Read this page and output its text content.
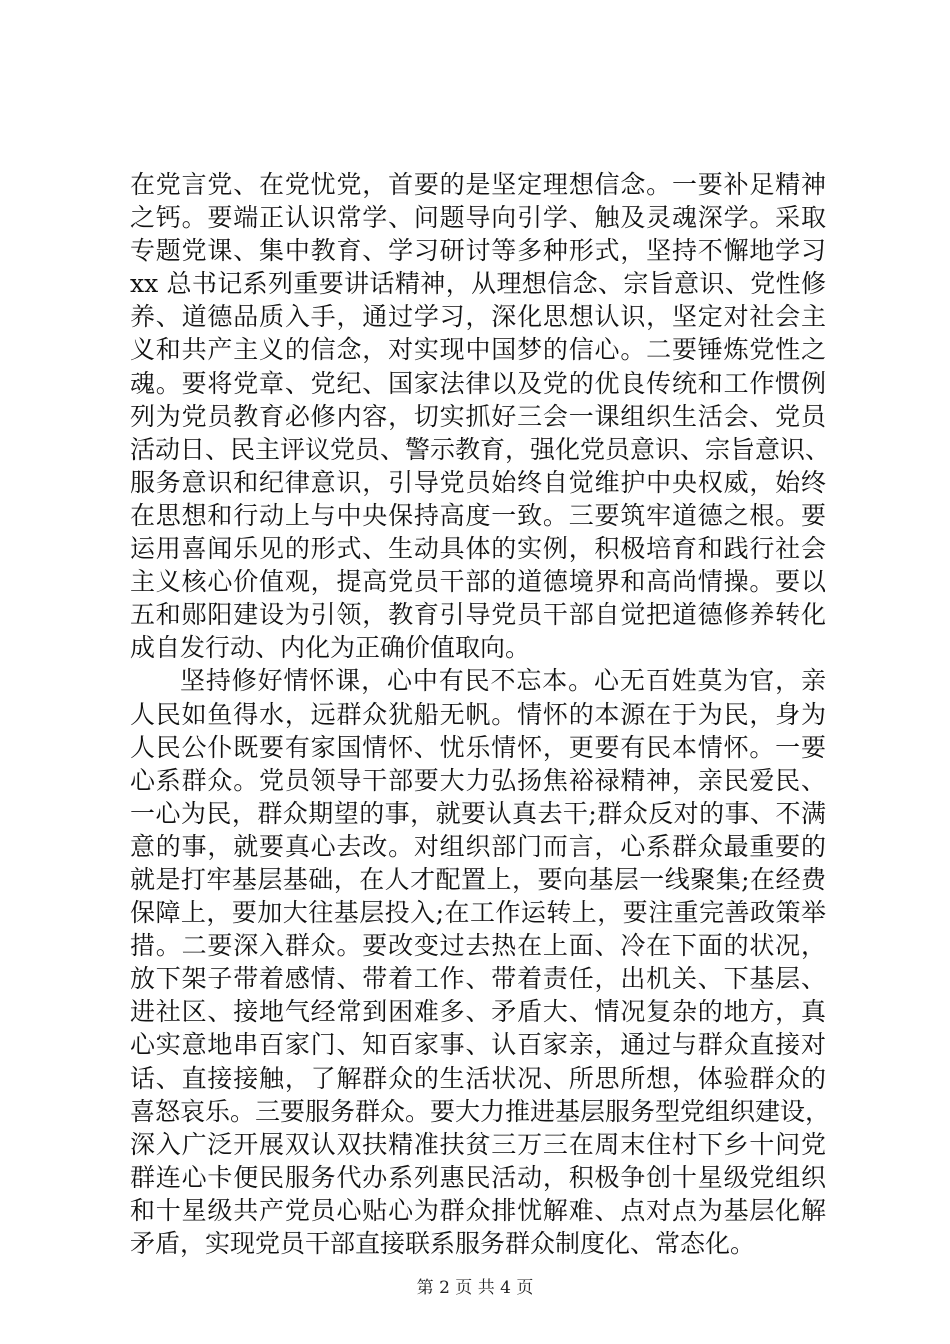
在党言党、在党忧党，首要的是坚定理想信念。一要补足精神
之钙。要端正认识常学、问题导向引学、触及灵魂深学。采取
专题党课、集中教育、学习研讨等多种形式，坚持不懈地学习
xx 总书记系列重要讲话精神，从理想信念、宗旨意识、党性修
养、道德品质入手，通过学习，深化思想认识，坚定对社会主
义和共产主义的信念，对实现中国梦的信心。二要锤炼党性之
魂。要将党章、党纪、国家法律以及党的优良传统和工作惯例
列为党员教育必修内容，切实抓好三会一课组织生活会、党员
活动日、民主评议党员、警示教育，强化党员意识、宗旨意识、
服务意识和纪律意识，引导党员始终自觉维护中央权威，始终
在思想和行动上与中央保持高度一致。三要筑牢道德之根。要
运用喜闻乐见的形式、生动具体的实例，积极培育和践行社会
主义核心价值观，提高党员干部的道德境界和高尚情操。要以
五和郧阳建设为引领，教育引导党员干部自觉把道德修养转化
成自发行动、内化为正确价值取向。
坚持修好情怀课，心中有民不忘本。心无百姓莫为官，亲
人民如鱼得水，远群众犹船无帆。情怀的本源在于为民，身为
人民公仆既要有家国情怀、忧乐情怀，更要有民本情怀。一要
心系群众。党员领导干部要大力弘扬焦裕禄精神，亲民爱民、
一心为民，群众期望的事，就要认真去干;群众反对的事、不满
意的事，就要真心去改。对组织部门而言，心系群众最重要的
就是打牢基层基础，在人才配置上，要向基层一线聚集;在经费
保障上，要加大往基层投入;在工作运转上，要注重完善政策举
措。二要深入群众。要改变过去热在上面、冷在下面的状况，
放下架子带着感情、带着工作、带着责任，出机关、下基层、
进社区、接地气经常到困难多、矛盾大、情况复杂的地方，真
心实意地串百家门、知百家事、认百家亲，通过与群众直接对
话、直接接触，了解群众的生活状况、所思所想，体验群众的
喜怒哀乐。三要服务群众。要大力推进基层服务型党组织建设，
深入广泛开展双认双扶精准扶贫三万三在周末住村下乡十问党
群连心卡便民服务代办系列惠民活动，积极争创十星级党组织
和十星级共产党员心贴心为群众排忧解难、点对点为基层化解
矛盾，实现党员干部直接联系服务群众制度化、常态化。
第 2 页 共 4 页
